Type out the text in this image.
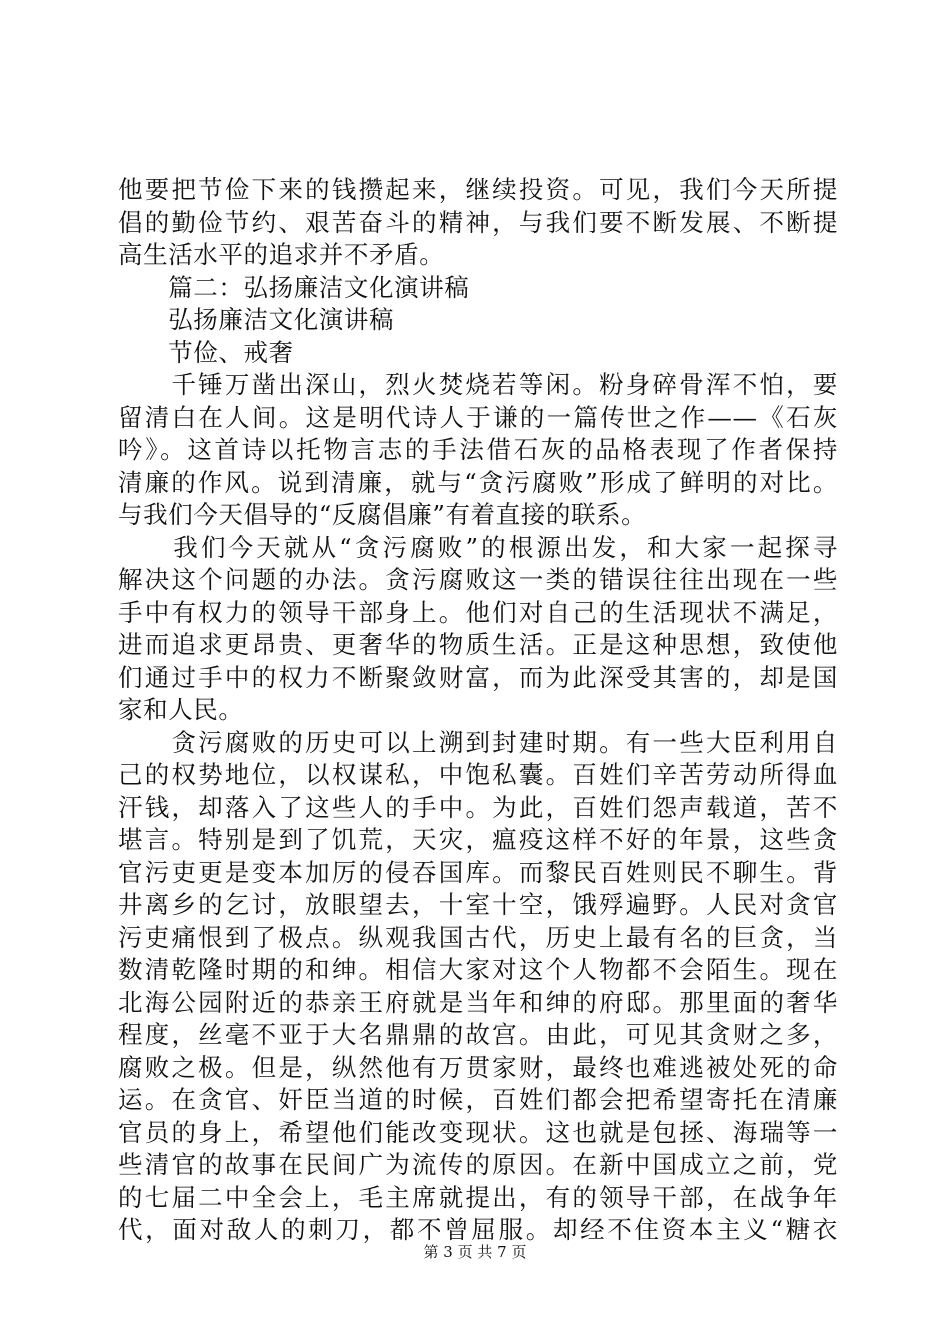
他要把节俭下来的钱攒起来，继续投资。可见，我们今天所提
倡的勤俭节约、艰苦奋斗的精神，与我们要不断发展、不断提
高生活水平的追求并不矛盾。
　　篇二：弘扬廉洁文化演讲稿
　　弘扬廉洁文化演讲稿
　　节俭、戒奢
　　千锤万凿出深山，烈火焚烧若等闲。粉身碎骨浑不怕，要
留清白在人间。这是明代诗人于谦的一篇传世之作——《石灰
吟》。这首诗以托物言志的手法借石灰的品格表现了作者保持
清廉的作风。说到清廉，就与“贪污腐败”形成了鲜明的对比。
与我们今天倡导的“反腐倡廉”有着直接的联系。
　　我们今天就从“贪污腐败”的根源出发，和大家一起探寻
解决这个问题的办法。贪污腐败这一类的错误往往出现在一些
手中有权力的领导干部身上。他们对自己的生活现状不满足，
进而追求更昂贵、更奢华的物质生活。正是这种思想，致使他
们通过手中的权力不断聚敛财富，而为此深受其害的，却是国
家和人民。
　　贪污腐败的历史可以上溯到封建时期。有一些大臣利用自
己的权势地位，以权谋私，中饱私囊。百姓们辛苦劳动所得血
汗钱，却落入了这些人的手中。为此，百姓们怨声载道，苦不
堪言。特别是到了饥荒，天灾，瘟疫这样不好的年景，这些贪
官污吏更是变本加厉的侵吞国库。而黎民百姓则民不聊生。背
井离乡的乞讨，放眼望去，十室十空，饿殍遍野。人民对贪官
污吏痛恨到了极点。纵观我国古代，历史上最有名的巨贪，当
数清乾隆时期的和绅。相信大家对这个人物都不会陌生。现在
北海公园附近的恭亲王府就是当年和绅的府邸。那里面的奢华
程度，丝毫不亚于大名鼎鼎的故宫。由此，可见其贪财之多，
腐败之极。但是，纵然他有万贯家财，最终也难逃被处死的命
运。在贪官、奸臣当道的时候，百姓们都会把希望寄托在清廉
官员的身上，希望他们能改变现状。这也就是包拯、海瑞等一
些清官的故事在民间广为流传的原因。在新中国成立之前，党
的七届二中全会上，毛主席就提出，有的领导干部，在战争年
代，面对敌人的刺刀，都不曾屈服。却经不住资本主义“糖衣
第 3 页 共 7 页
